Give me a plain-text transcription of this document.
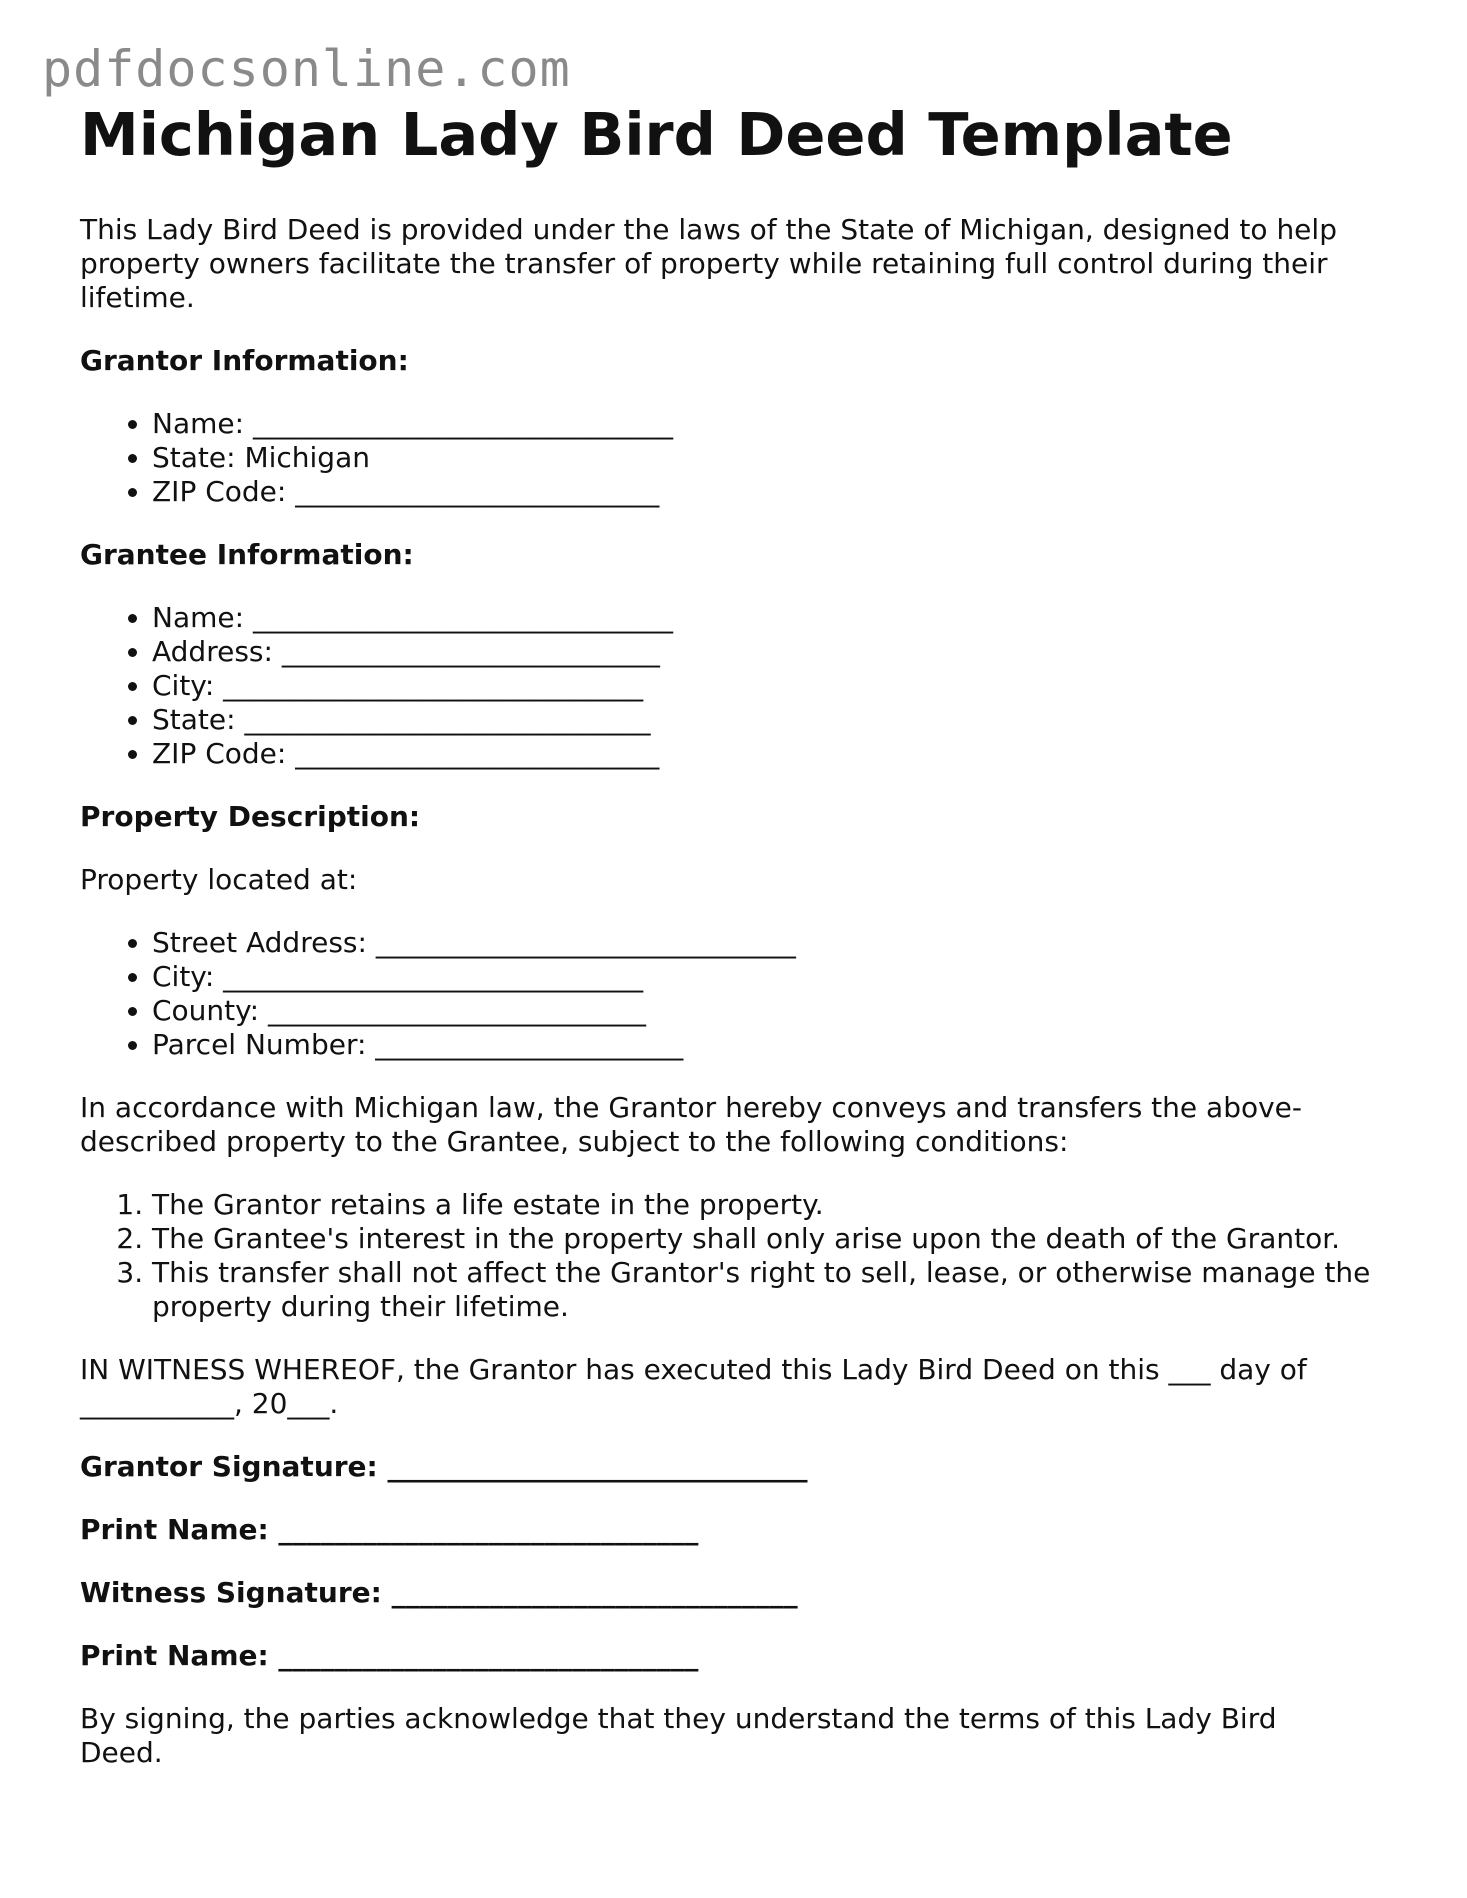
pdfdocsonline.com
Michigan Lady Bird Deed Template

This Lady Bird Deed is provided under the laws of the State of Michigan, designed to help property owners facilitate the transfer of property while retaining full control during their lifetime.

Grantor Information:

• Name: ______________________________
• State: Michigan
• ZIP Code: __________________________

Grantee Information:

• Name: ______________________________
• Address: ___________________________
• City: ______________________________
• State: _____________________________
• ZIP Code: __________________________

Property Description:

Property located at:

• Street Address: ______________________________
• City: ______________________________
• County: ___________________________
• Parcel Number: ______________________

In accordance with Michigan law, the Grantor hereby conveys and transfers the above-described property to the Grantee, subject to the following conditions:

1. The Grantor retains a life estate in the property.
2. The Grantee's interest in the property shall only arise upon the death of the Grantor.
3. This transfer shall not affect the Grantor's right to sell, lease, or otherwise manage the property during their lifetime.

IN WITNESS WHEREOF, the Grantor has executed this Lady Bird Deed on this ___ day of ___________, 20___.

Grantor Signature: ______________________________

Print Name: ______________________________

Witness Signature: _____________________________

Print Name: ______________________________

By signing, the parties acknowledge that they understand the terms of this Lady Bird Deed.
